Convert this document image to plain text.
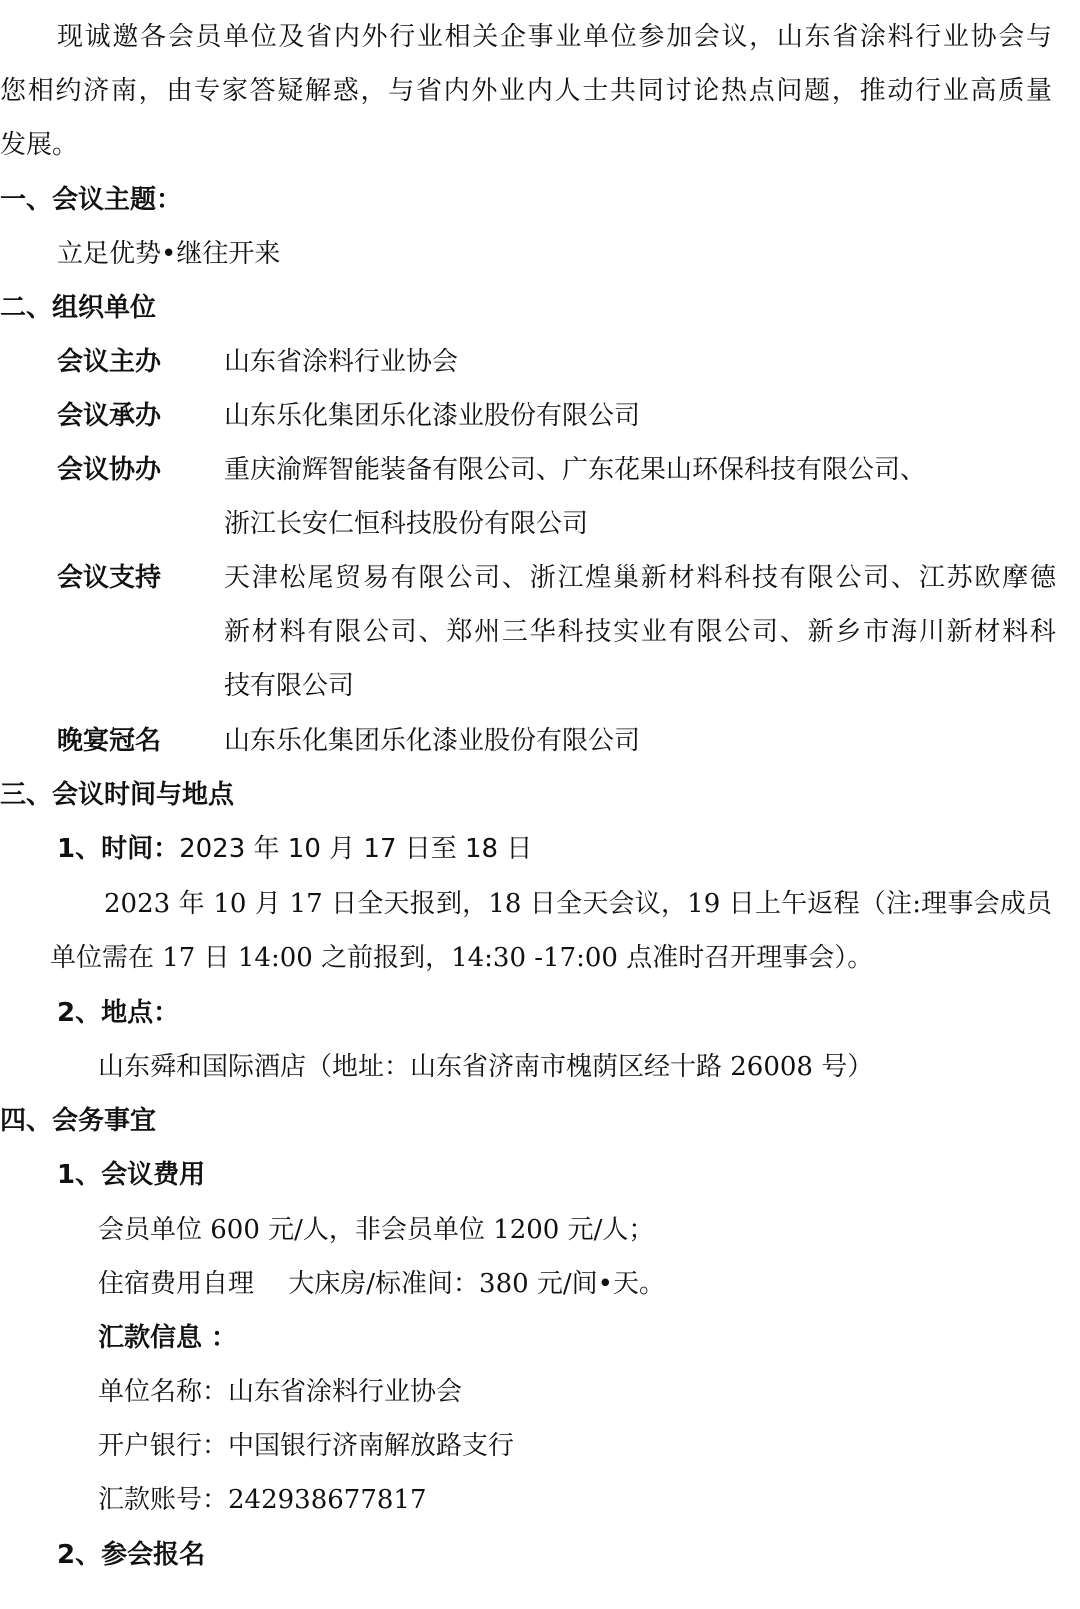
现诚邀各会员单位及省内外行业相关企事业单位参加会议，山东省涂料行业协会与
您相约济南，由专家答疑解惑，与省内外业内人士共同讨论热点问题，推动行业高质量
发展。
一、会议主题：
立足优势•继往开来
二、组织单位
会议主办 山东省涂料行业协会
会议承办 山东乐化集团乐化漆业股份有限公司
会议协办 重庆渝辉智能装备有限公司、广东花果山环保科技有限公司、
浙江长安仁恒科技股份有限公司
会议支持 天津松尾贸易有限公司、浙江煌巢新材料科技有限公司、江苏欧摩德
新材料有限公司、郑州三华科技实业有限公司、新乡市海川新材料科
技有限公司
晚宴冠名 山东乐化集团乐化漆业股份有限公司
三、会议时间与地点
1、时间：2023 年 10 月 17 日至 18 日
2023 年 10 月 17 日全天报到，18 日全天会议，19 日上午返程（注:理事会成员
单位需在 17 日 14:00 之前报到，14:30 -17:00 点准时召开理事会）。
2、地点：
山东舜和国际酒店（地址：山东省济南市槐荫区经十路 26008 号）
四、会务事宜
1、会议费用
会员单位 600 元/人，非会员单位 1200 元/人；
住宿费用自理　 大床房/标准间：380 元/间•天。
汇款信息 ：
单位名称：山东省涂料行业协会
开户银行：中国银行济南解放路支行
汇款账号：242938677817
2、参会报名
